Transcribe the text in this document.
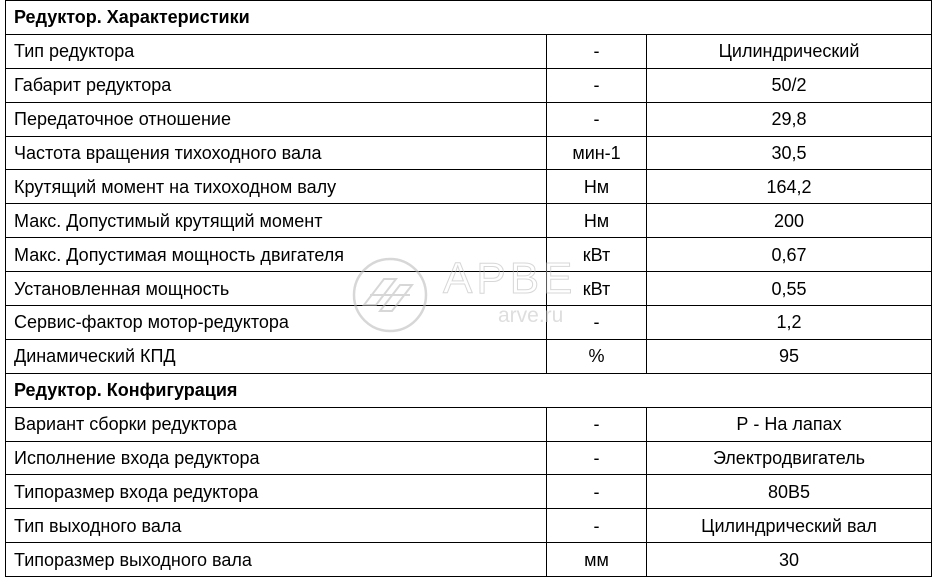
Редуктор. Характеристики		
Тип редуктора	-	Цилиндрический
Габарит редуктора	-	50/2
Передаточное отношение	-	29,8
Частота вращения тихоходного вала	мин-1	30,5
Крутящий момент на тихоходном валу	Нм	164,2
Макс. Допустимый крутящий момент	Нм	200
Макс. Допустимая мощность двигателя	кВт	0,67
Установленная мощность	кВт	0,55
Сервис-фактор мотор-редуктора	-	1,2
Динамический КПД	%	95
Редуктор. Конфигурация		
Вариант сборки редуктора	-	Р - На лапах
Исполнение входа редуктора	-	Электродвигатель
Типоразмер входа редуктора	-	80B5
Тип выходного вала	-	Цилиндрический вал
Типоразмер выходного вала	мм	30
АРВЕ
arve.ru
